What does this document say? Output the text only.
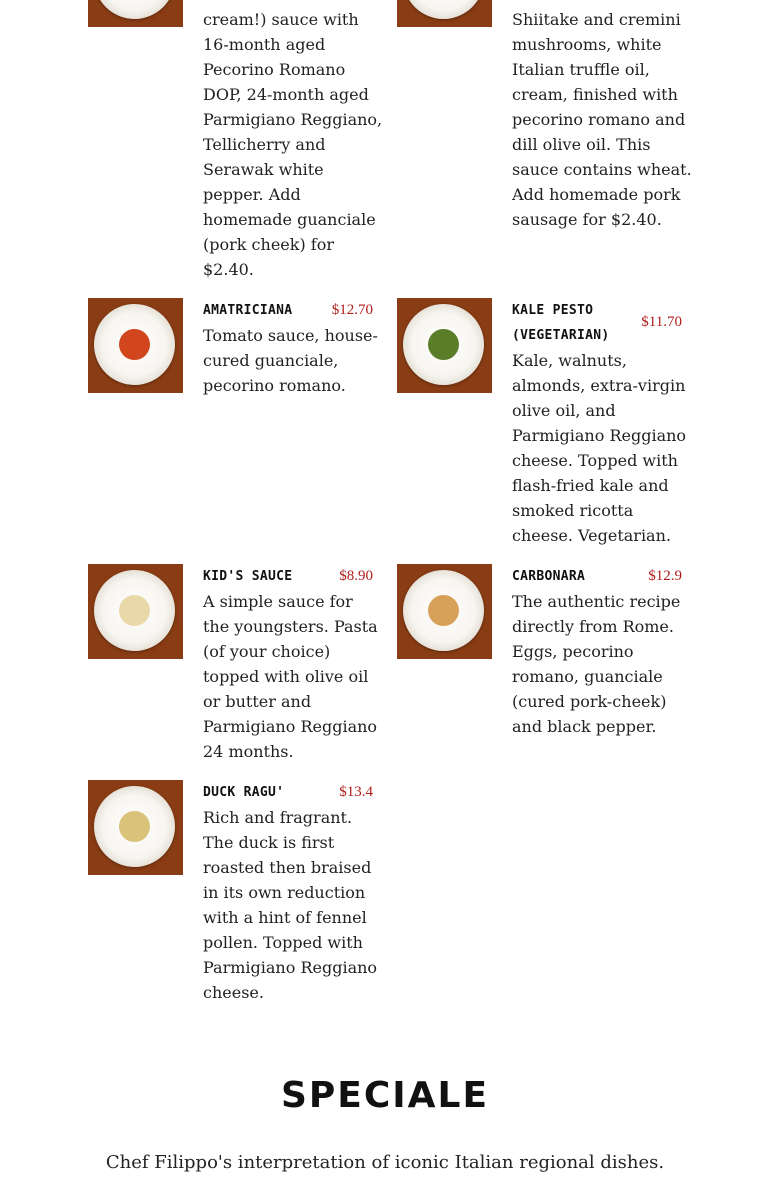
cream!) sauce with 16-month aged Pecorino Romano DOP, 24-month aged Parmigiano Reggiano, Tellicherry and Serawak white pepper. Add homemade guanciale (pork cheek) for $2.40.
Shiitake and cremini mushrooms, white Italian truffle oil, cream, finished with pecorino romano and dill olive oil. This sauce contains wheat. Add homemade pork sausage for $2.40.
AMATRICIANA	$12.70
Tomato sauce, house-cured guanciale, pecorino romano.
KALE PESTO (VEGETARIAN)
$11.70
Kale, walnuts, almonds, extra-virgin olive oil, and Parmigiano Reggiano cheese. Topped with flash-fried kale and smoked ricotta cheese. Vegetarian.
KID'S SAUCE	$8.90
A simple sauce for the youngsters. Pasta (of your choice) topped with olive oil or butter and Parmigiano Reggiano 24 months.
CARBONARA	$12.9
The authentic recipe directly from Rome. Eggs, pecorino romano, guanciale (cured pork-cheek) and black pepper.
DUCK RAGU'	$13.4
Rich and fragrant. The duck is first roasted then braised in its own reduction with a hint of fennel pollen. Topped with Parmigiano Reggiano cheese.
SPECIALE
Chef Filippo's interpretation of iconic Italian regional dishes.
